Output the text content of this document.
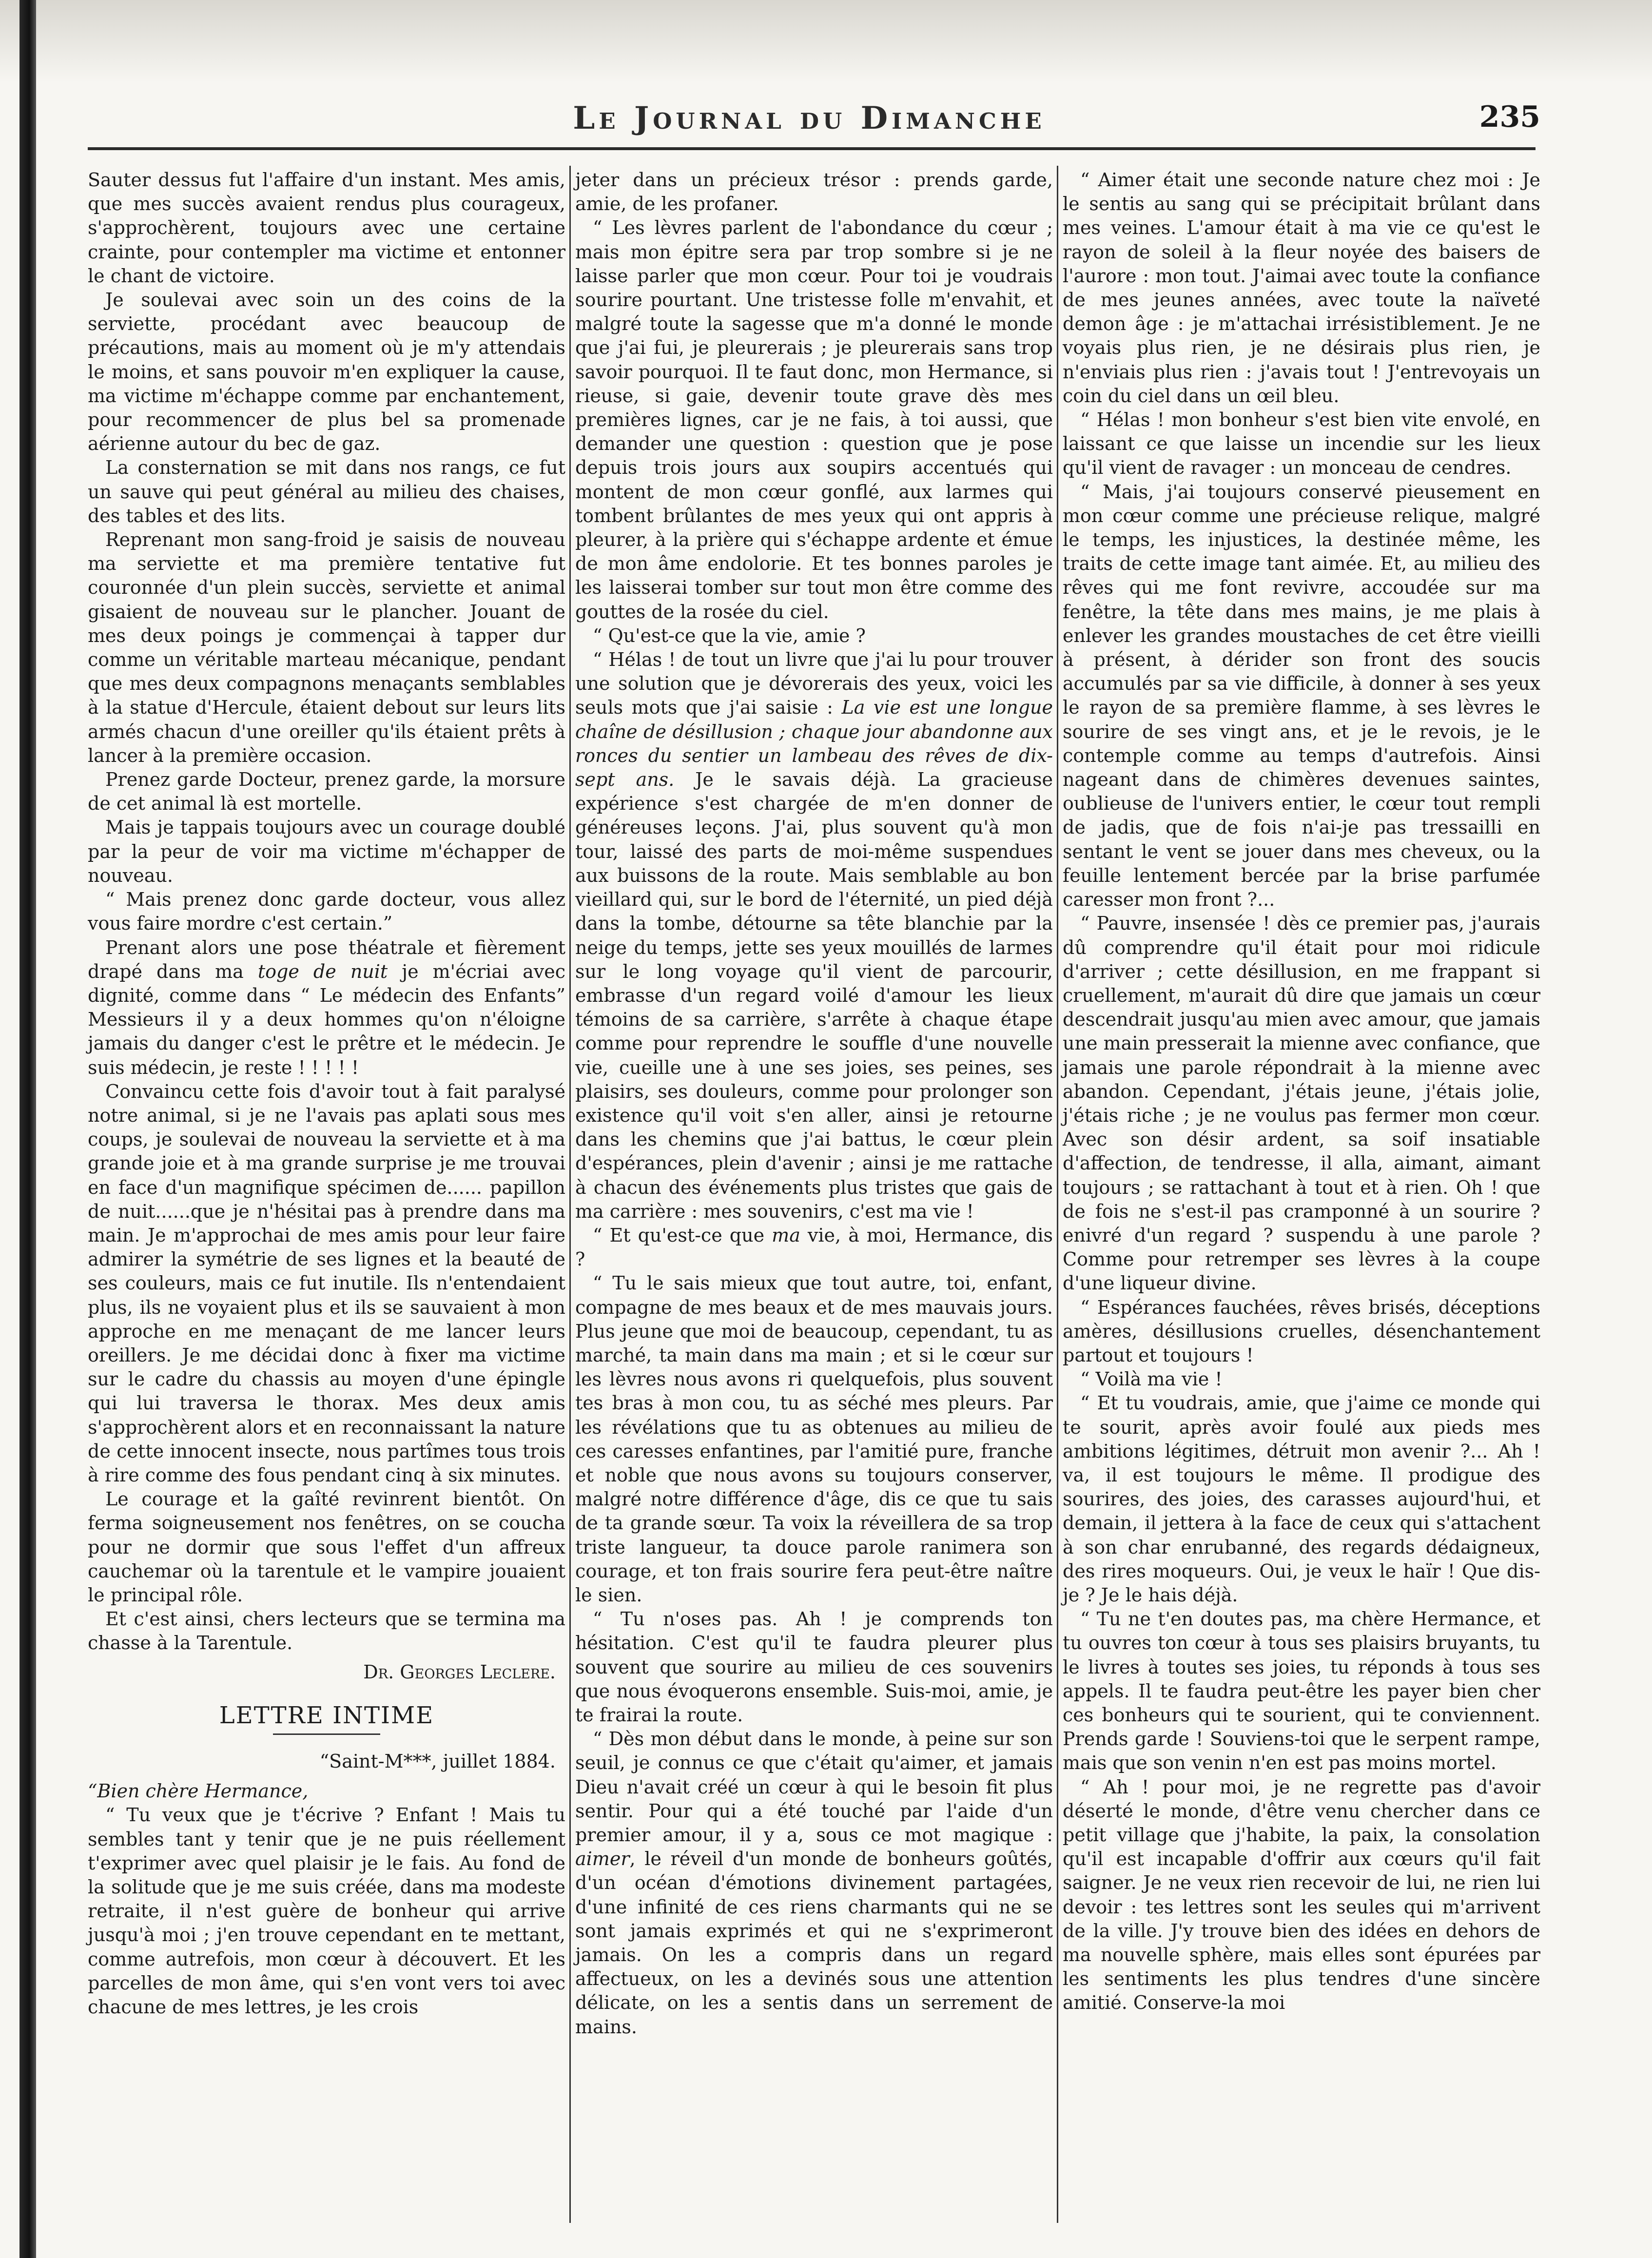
Le Journal du Dimanche	235

Sauter dessus fut l'affaire d'un instant. Mes amis, que mes succès avaient rendus plus courageux, s'approchèrent, toujours avec une certaine crainte, pour contempler ma victime et entonner le chant de victoire.

Je soulevai avec soin un des coins de la serviette, procédant avec beaucoup de précautions, mais au moment où je m'y attendais le moins, et sans pouvoir m'en expliquer la cause, ma victime m'échappe comme par enchantement, pour recommencer de plus bel sa promenade aérienne autour du bec de gaz.

La consternation se mit dans nos rangs, ce fut un sauve qui peut général au milieu des chaises, des tables et des lits.

Reprenant mon sang-froid je saisis de nouveau ma serviette et ma première tentative fut couronnée d'un plein succès, serviette et animal gisaient de nouveau sur le plancher. Jouant de mes deux poings je commençai à tapper dur comme un véritable marteau mécanique, pendant que mes deux compagnons menaçants semblables à la statue d'Hercule, étaient debout sur leurs lits armés chacun d'une oreiller qu'ils étaient prêts à lancer à la première occasion.

Prenez garde Docteur, prenez garde, la morsure de cet animal là est mortelle.

Mais je tappais toujours avec un courage doublé par la peur de voir ma victime m'échapper de nouveau.

“ Mais prenez donc garde docteur, vous allez vous faire mordre c'est certain.”

Prenant alors une pose théatrale et fièrement drapé dans ma toge de nuit je m'écriai avec dignité, comme dans “ Le médecin des Enfants” Messieurs il y a deux hommes qu'on n'éloigne jamais du danger c'est le prêtre et le médecin. Je suis médecin, je reste ! ! ! ! !

Convaincu cette fois d'avoir tout à fait paralysé notre animal, si je ne l'avais pas aplati sous mes coups, je soulevai de nouveau la serviette et à ma grande joie et à ma grande surprise je me trouvai en face d'un magnifique spécimen de...... papillon de nuit......que je n'hésitai pas à prendre dans ma main. Je m'approchai de mes amis pour leur faire admirer la symétrie de ses lignes et la beauté de ses couleurs, mais ce fut inutile. Ils n'entendaient plus, ils ne voyaient plus et ils se sauvaient à mon approche en me menaçant de me lancer leurs oreillers. Je me décidai donc à fixer ma victime sur le cadre du chassis au moyen d'une épingle qui lui traversa le thorax. Mes deux amis s'approchèrent alors et en reconnaissant la nature de cette innocent insecte, nous partîmes tous trois à rire comme des fous pendant cinq à six minutes.

Le courage et la gaîté revinrent bientôt. On ferma soigneusement nos fenêtres, on se coucha pour ne dormir que sous l'effet d'un affreux cauchemar où la tarentule et le vampire jouaient le principal rôle.

Et c'est ainsi, chers lecteurs que se termina ma chasse à la Tarentule.

Dr. Georges Leclere.
LETTRE INTIME
“Saint-M***, juillet 1884.

“Bien chère Hermance,

“ Tu veux que je t'écrive ? Enfant ! Mais tu sembles tant y tenir que je ne puis réellement t'exprimer avec quel plaisir je le fais. Au fond de la solitude que je me suis créée, dans ma modeste retraite, il n'est guère de bonheur qui arrive jusqu'à moi ; j'en trouve cependant en te mettant, comme autrefois, mon cœur à découvert. Et les parcelles de mon âme, qui s'en vont vers toi avec chacune de mes lettres, je les crois

jeter dans un précieux trésor : prends garde, amie, de les profaner.

“ Les lèvres parlent de l'abondance du cœur ; mais mon épitre sera par trop sombre si je ne laisse parler que mon cœur. Pour toi je voudrais sourire pourtant. Une tristesse folle m'envahit, et malgré toute la sagesse que m'a donné le monde que j'ai fui, je pleurerais ; je pleurerais sans trop savoir pourquoi. Il te faut donc, mon Hermance, si rieuse, si gaie, devenir toute grave dès mes premières lignes, car je ne fais, à toi aussi, que demander une question : question que je pose depuis trois jours aux soupirs accentués qui montent de mon cœur gonflé, aux larmes qui tombent brûlantes de mes yeux qui ont appris à pleurer, à la prière qui s'échappe ardente et émue de mon âme endolorie. Et tes bonnes paroles je les laisserai tomber sur tout mon être comme des gouttes de la rosée du ciel.

“ Qu'est-ce que la vie, amie ?

“ Hélas ! de tout un livre que j'ai lu pour trouver une solution que je dévorerais des yeux, voici les seuls mots que j'ai saisie : La vie est une longue chaîne de désillusion ; chaque jour abandonne aux ronces du sentier un lambeau des rêves de dix-sept ans. Je le savais déjà. La gracieuse expérience s'est chargée de m'en donner de généreuses leçons. J'ai, plus souvent qu'à mon tour, laissé des parts de moi-même suspendues aux buissons de la route. Mais semblable au bon vieillard qui, sur le bord de l'éternité, un pied déjà dans la tombe, détourne sa tête blanchie par la neige du temps, jette ses yeux mouillés de larmes sur le long voyage qu'il vient de parcourir, embrasse d'un regard voilé d'amour les lieux témoins de sa carrière, s'arrête à chaque étape comme pour reprendre le souffle d'une nouvelle vie, cueille une à une ses joies, ses peines, ses plaisirs, ses douleurs, comme pour prolonger son existence qu'il voit s'en aller, ainsi je retourne dans les chemins que j'ai battus, le cœur plein d'espérances, plein d'avenir ; ainsi je me rattache à chacun des événements plus tristes que gais de ma carrière : mes souvenirs, c'est ma vie !

“ Et qu'est-ce que ma vie, à moi, Hermance, dis ?

“ Tu le sais mieux que tout autre, toi, enfant, compagne de mes beaux et de mes mauvais jours. Plus jeune que moi de beaucoup, cependant, tu as marché, ta main dans ma main ; et si le cœur sur les lèvres nous avons ri quelquefois, plus souvent tes bras à mon cou, tu as séché mes pleurs. Par les révélations que tu as obtenues au milieu de ces caresses enfantines, par l'amitié pure, franche et noble que nous avons su toujours conserver, malgré notre différence d'âge, dis ce que tu sais de ta grande sœur. Ta voix la réveillera de sa trop triste langueur, ta douce parole ranimera son courage, et ton frais sourire fera peut-être naître le sien.

“ Tu n'oses pas. Ah ! je comprends ton hésitation. C'est qu'il te faudra pleurer plus souvent que sourire au milieu de ces souvenirs que nous évoquerons ensemble. Suis-moi, amie, je te frairai la route.

“ Dès mon début dans le monde, à peine sur son seuil, je connus ce que c'était qu'aimer, et jamais Dieu n'avait créé un cœur à qui le besoin fit plus sentir. Pour qui a été touché par l'aide d'un premier amour, il y a, sous ce mot magique : aimer, le réveil d'un monde de bonheurs goûtés, d'un océan d'émotions divinement partagées, d'une infinité de ces riens charmants qui ne se sont jamais exprimés et qui ne s'exprimeront jamais. On les a compris dans un regard affectueux, on les a devinés sous une attention délicate, on les a sentis dans un serrement de mains.

“ Aimer était une seconde nature chez moi : Je le sentis au sang qui se précipitait brûlant dans mes veines. L'amour était à ma vie ce qu'est le rayon de soleil à la fleur noyée des baisers de l'aurore : mon tout. J'aimai avec toute la confiance de mes jeunes années, avec toute la naïveté demon âge : je m'attachai irrésistiblement. Je ne voyais plus rien, je ne désirais plus rien, je n'enviais plus rien : j'avais tout ! J'entrevoyais un coin du ciel dans un œil bleu.

“ Hélas ! mon bonheur s'est bien vite envolé, en laissant ce que laisse un incendie sur les lieux qu'il vient de ravager : un monceau de cendres.

“ Mais, j'ai toujours conservé pieusement en mon cœur comme une précieuse relique, malgré le temps, les injustices, la destinée même, les traits de cette image tant aimée. Et, au milieu des rêves qui me font revivre, accoudée sur ma fenêtre, la tête dans mes mains, je me plais à enlever les grandes moustaches de cet être vieilli à présent, à dérider son front des soucis accumulés par sa vie difficile, à donner à ses yeux le rayon de sa première flamme, à ses lèvres le sourire de ses vingt ans, et je le revois, je le contemple comme au temps d'autrefois. Ainsi nageant dans de chimères devenues saintes, oublieuse de l'univers entier, le cœur tout rempli de jadis, que de fois n'ai-je pas tressailli en sentant le vent se jouer dans mes cheveux, ou la feuille lentement bercée par la brise parfumée caresser mon front ?...

“ Pauvre, insensée ! dès ce premier pas, j'aurais dû comprendre qu'il était pour moi ridicule d'arriver ; cette désillusion, en me frappant si cruellement, m'aurait dû dire que jamais un cœur descendrait jusqu'au mien avec amour, que jamais une main presserait la mienne avec confiance, que jamais une parole répondrait à la mienne avec abandon. Cependant, j'étais jeune, j'étais jolie, j'étais riche ; je ne voulus pas fermer mon cœur. Avec son désir ardent, sa soif insatiable d'affection, de tendresse, il alla, aimant, aimant toujours ; se rattachant à tout et à rien. Oh ! que de fois ne s'est-il pas cramponné à un sourire ? enivré d'un regard ? suspendu à une parole ? Comme pour retremper ses lèvres à la coupe d'une liqueur divine.

“ Espérances fauchées, rêves brisés, déceptions amères, désillusions cruelles, désenchantement partout et toujours !

“ Voilà ma vie !

“ Et tu voudrais, amie, que j'aime ce monde qui te sourit, après avoir foulé aux pieds mes ambitions légitimes, détruit mon avenir ?... Ah ! va, il est toujours le même. Il prodigue des sourires, des joies, des carasses aujourd'hui, et demain, il jettera à la face de ceux qui s'attachent à son char enrubanné, des regards dédaigneux, des rires moqueurs. Oui, je veux le haïr ! Que dis-je ? Je le hais déjà.

“ Tu ne t'en doutes pas, ma chère Hermance, et tu ouvres ton cœur à tous ses plaisirs bruyants, tu le livres à toutes ses joies, tu réponds à tous ses appels. Il te faudra peut-être les payer bien cher ces bonheurs qui te sourient, qui te conviennent. Prends garde ! Souviens-toi que le serpent rampe, mais que son venin n'en est pas moins mortel.

“ Ah ! pour moi, je ne regrette pas d'avoir déserté le monde, d'être venu chercher dans ce petit village que j'habite, la paix, la consolation qu'il est incapable d'offrir aux cœurs qu'il fait saigner. Je ne veux rien recevoir de lui, ne rien lui devoir : tes lettres sont les seules qui m'arrivent de la ville. J'y trouve bien des idées en dehors de ma nouvelle sphère, mais elles sont épurées par les sentiments les plus tendres d'une sincère amitié. Conserve-la moi
